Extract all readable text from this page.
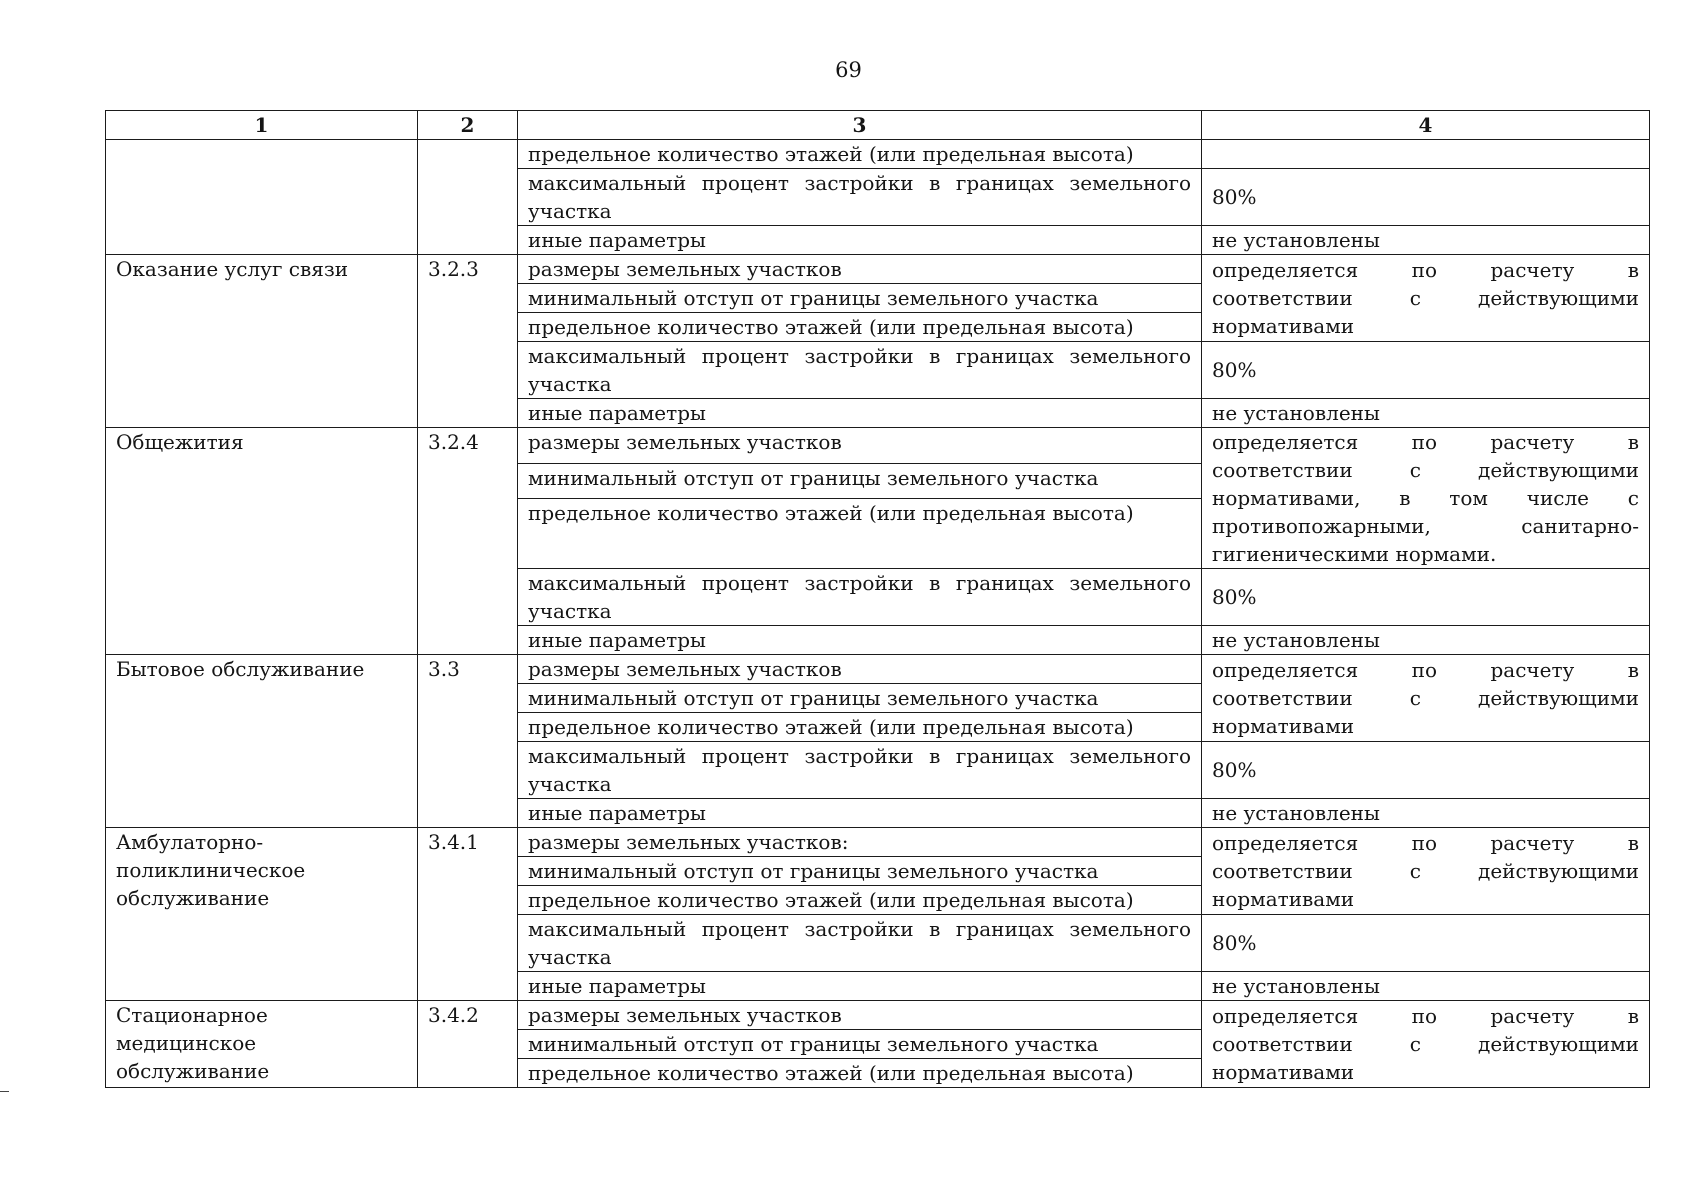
69
1	2	3	4
		предельное количество этажей (или предельная высота)	
		максимальный процент застройки в границах земельного участка	80%
		иные параметры	не установлены
Оказание услуг связи	3.2.3	размеры земельных участков	определяется по расчету в соответствии с действующими нормативами
		минимальный отступ от границы земельного участка	
		предельное количество этажей (или предельная высота)	
		максимальный процент застройки в границах земельного участка	80%
		иные параметры	не установлены
Общежития	3.2.4	размеры земельных участков	определяется по расчету в соответствии с действующими нормативами, в том числе с противопожарными, санитарно-гигиеническими нормами.
		минимальный отступ от границы земельного участка	
		предельное количество этажей (или предельная высота)	
		максимальный процент застройки в границах земельного участка	80%
		иные параметры	не установлены
Бытовое обслуживание	3.3	размеры земельных участков	определяется по расчету в соответствии с действующими нормативами
		минимальный отступ от границы земельного участка	
		предельное количество этажей (или предельная высота)	
		максимальный процент застройки в границах земельного участка	80%
		иные параметры	не установлены
Амбулаторно-поликлиническое обслуживание	3.4.1	размеры земельных участков:	определяется по расчету в соответствии с действующими нормативами
		минимальный отступ от границы земельного участка	
		предельное количество этажей (или предельная высота)	
		максимальный процент застройки в границах земельного участка	80%
		иные параметры	не установлены
Стационарное медицинское обслуживание	3.4.2	размеры земельных участков	определяется по расчету в соответствии с действующими нормативами
		минимальный отступ от границы земельного участка	
		предельное количество этажей (или предельная высота)	
